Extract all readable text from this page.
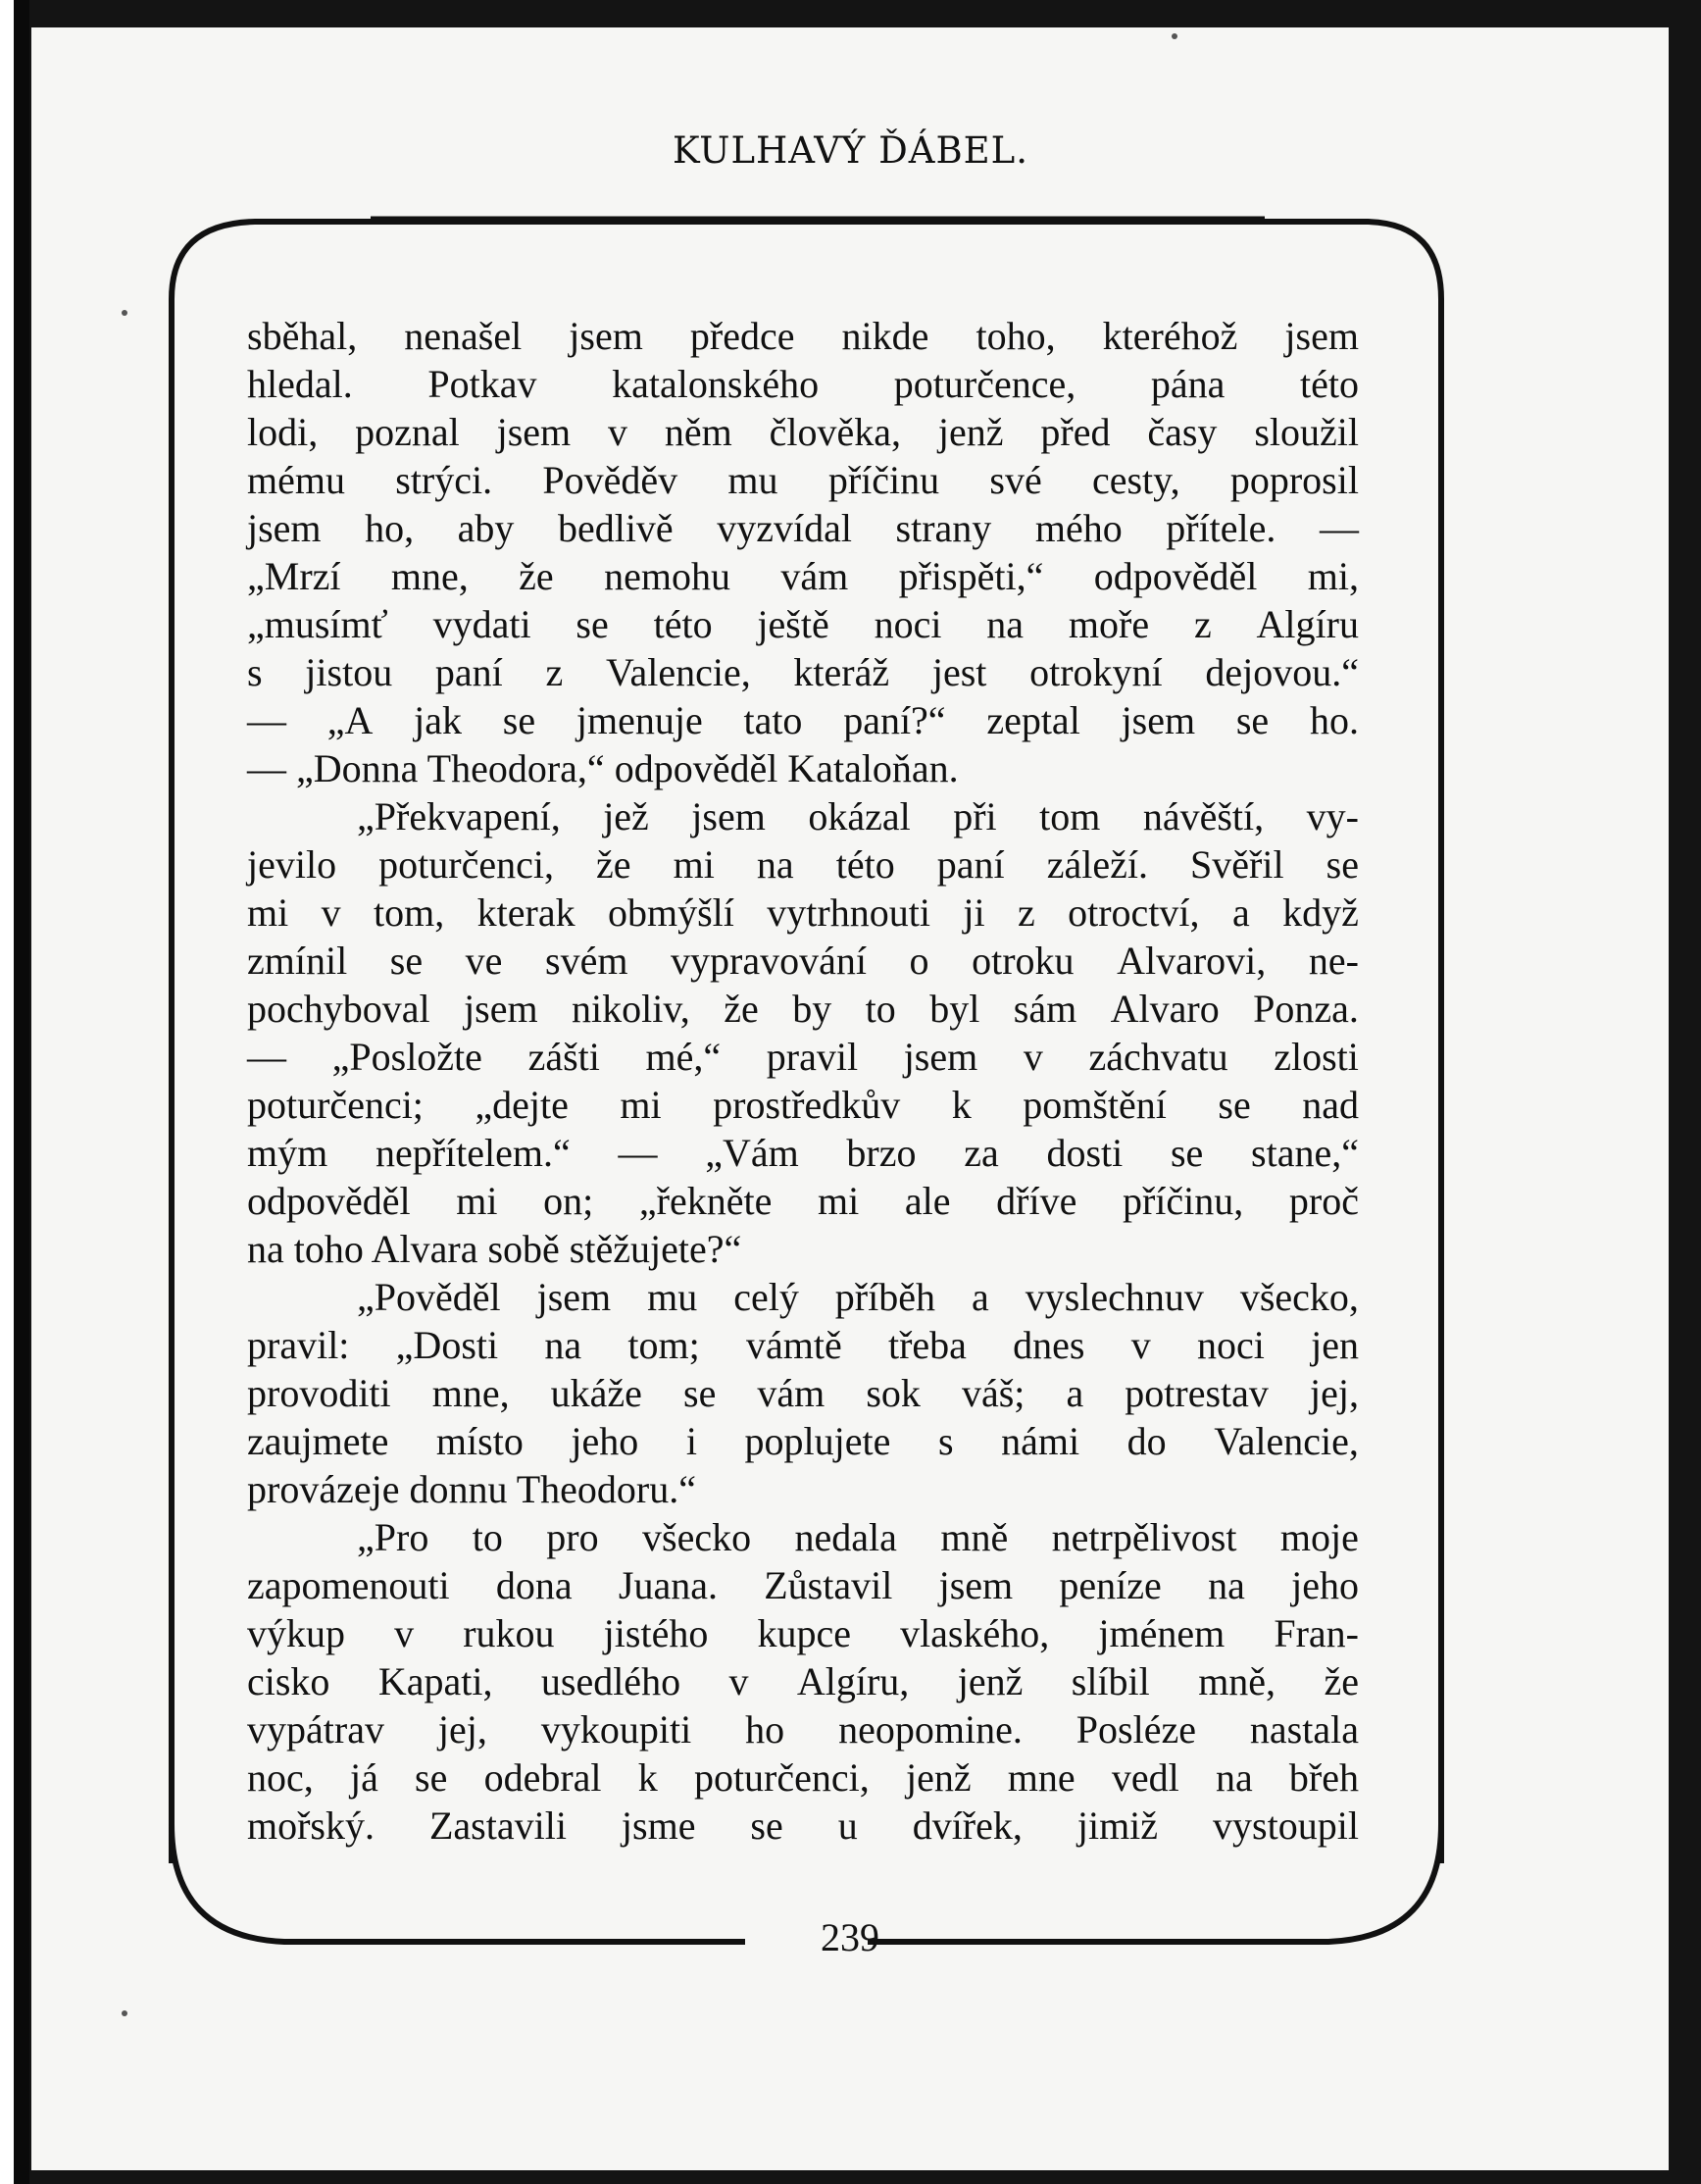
KULHAVÝ ĎÁBEL.
sběhal, nenašel jsem předce nikde toho, kteréhož jsem
hledal. Potkav katalonského poturčence, pána této
lodi, poznal jsem v něm člověka, jenž před časy sloužil
mému strýci. Pověděv mu příčinu své cesty, poprosil
jsem ho, aby bedlivě vyzvídal strany mého přítele. —
„Mrzí mne, že nemohu vám přispěti,“ odpověděl mi,
„musímť vydati se této ještě noci na moře z Algíru
s jistou paní z Valencie, kteráž jest otrokyní dejovou.“
— „A jak se jmenuje tato paní?“ zeptal jsem se ho.
— „Donna Theodora,“ odpověděl Kataloňan.
„Překvapení, jež jsem okázal při tom návěští, vy-
jevilo poturčenci, že mi na této paní záleží. Svěřil se
mi v tom, kterak obmýšlí vytrhnouti ji z otroctví, a když
zmínil se ve svém vypravování o otroku Alvarovi, ne-
pochyboval jsem nikoliv, že by to byl sám Alvaro Ponza.
— „Posložte zášti mé,“ pravil jsem v záchvatu zlosti
poturčenci; „dejte mi prostředkův k pomštění se nad
mým nepřítelem.“ — „Vám brzo za dosti se stane,“
odpověděl mi on; „řekněte mi ale dříve příčinu, proč
na toho Alvara sobě stěžujete?“
„Pověděl jsem mu celý příběh a vyslechnuv všecko,
pravil: „Dosti na tom; vámtě třeba dnes v noci jen
provoditi mne, ukáže se vám sok váš; a potrestav jej,
zaujmete místo jeho i poplujete s námi do Valencie,
provázeje donnu Theodoru.“
„Pro to pro všecko nedala mně netrpělivost moje
zapomenouti dona Juana. Zůstavil jsem peníze na jeho
výkup v rukou jistého kupce vlaského, jménem Fran-
cisko Kapati, usedlého v Algíru, jenž slíbil mně, že
vypátrav jej, vykoupiti ho neopomine. Posléze nastala
noc, já se odebral k poturčenci, jenž mne vedl na břeh
mořský. Zastavili jsme se u dvířek, jimiž vystoupil
239
